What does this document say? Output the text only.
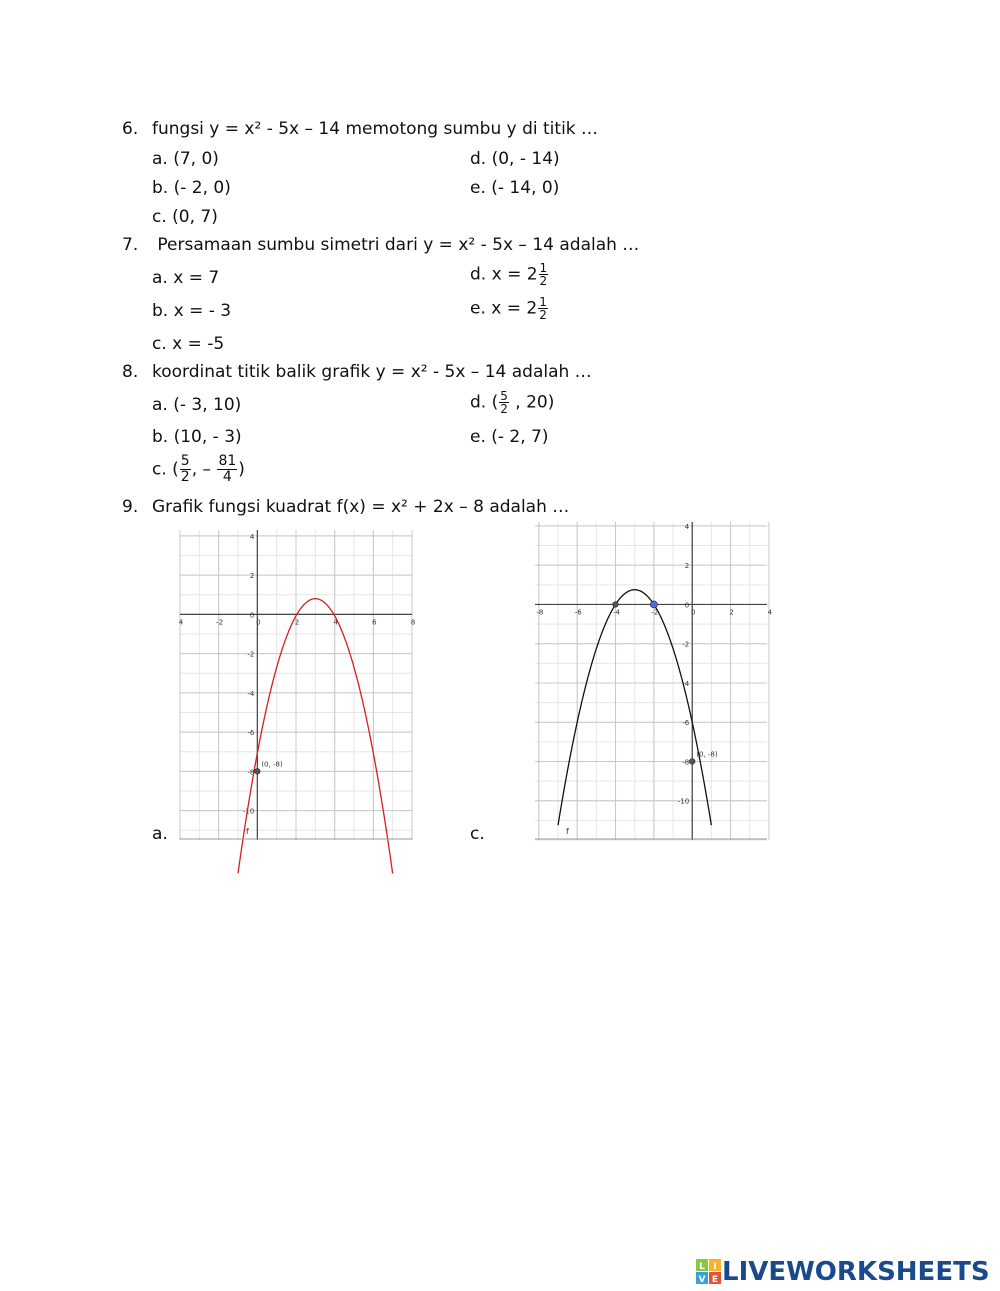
6. fungsi y = x² - 5x – 14 memotong sumbu y di titik …
a. (7, 0)	d. (0, - 14)
b. (- 2, 0)	e. (- 14, 0)
c. (0, 7)
7. Persamaan sumbu simetri dari y = x² - 5x – 14 adalah …
a. x = 7	d. $x = 2 \frac{1}{2}$
b. x = - 3	e. $x = 2 \frac{1}{2}$
c. x = -5
8. koordinat titik balik grafik y = x² - 5x – 14 adalah …
a. (- 3, 10)	d. ( $\frac{5}{2}$ , 20)
b. (10, - 3)	e. (- 2, 7)
c. ( $\frac{5}{2}$ , – $\frac{81}{4}$ )
9. Grafik fungsi kuadrat f(x) = x² + 2x – 8 adalah …
a.	c.
4	-2	0	2	4	6	8
4
2
0
-2
-4
-6
-8
-10
f
(0, -8)
-8	-6	-4	-2	0	2	4
4
2
0
-2
-4
-6
-8
-10
f
(0, -8)
L I
V E LIVEWORKSHEETS
